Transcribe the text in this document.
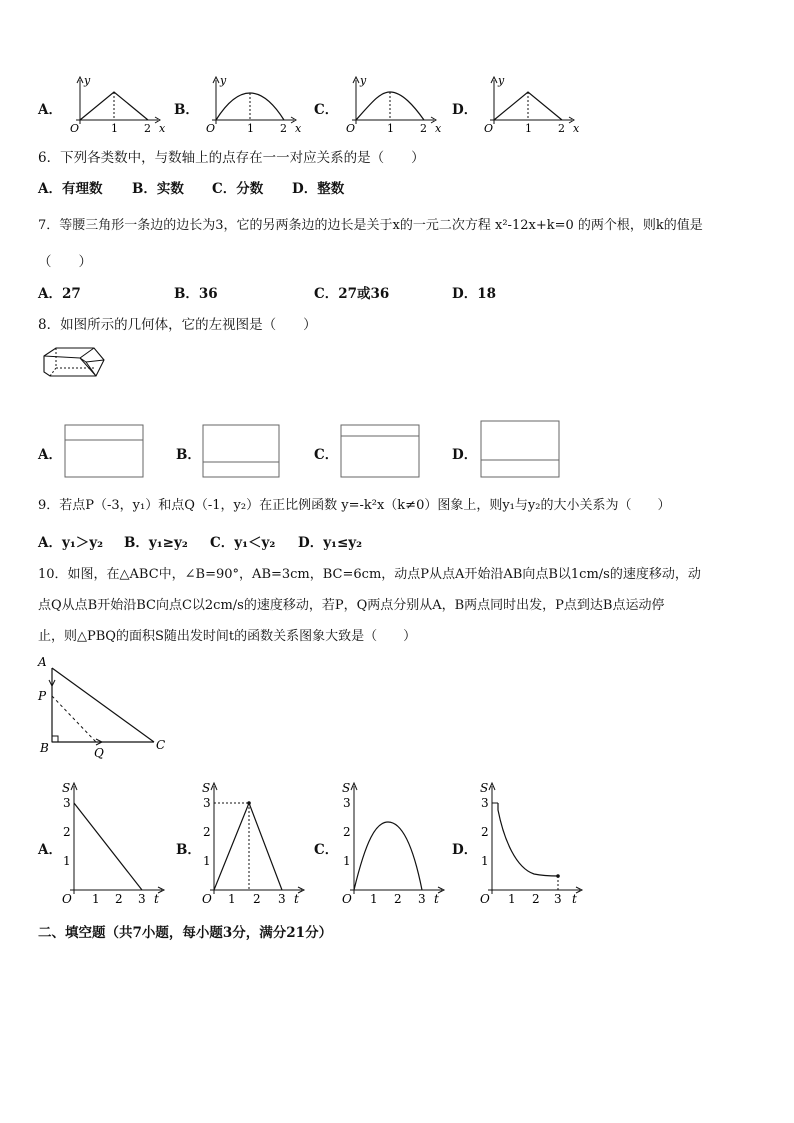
A．
O
y
1 2 x
B．
O
y
1 2 x
C．
O
y
1 2 x
D．
O
y
1 2 x
6．下列各类数中，与数轴上的点存在一一对应关系的是（　　）
A．有理数 B．实数 C．分数 D．整数
7．等腰三角形一条边的边长为3，它的另两条边的边长是关于x的一元二次方程 x²-12x+k=0 的两个根，则k的值是
（　　）
A．27	B．36	C．27或36	D．18
8．如图所示的几何体，它的左视图是（　　）
A．	B．	C．	D．
9．若点P（-3，y₁）和点Q（-1，y₂）在正比例函数 y=-k²x（k≠0）图象上，则y₁与y₂的大小关系为（　　）
A．y₁＞y₂ B．y₁≥y₂ C．y₁＜y₂ D．y₁≤y₂
10．如图，在△ABC中，∠B=90°，AB=3cm，BC=6cm，动点P从点A开始沿AB向点B以1cm/s的速度移动，动
点Q从点B开始沿BC向点C以2cm/s的速度移动，若P，Q两点分别从A，B两点同时出发，P点到达B点运动停
止，则△PBQ的面积S随出发时间t的函数关系图象大致是（　　）
A
P
B	Q
C
A．
S
3
2
1
O 1 2 3 t
B．
S
3
2
1
O 1 2 3 t
C．
S
3
2
1
O 1 2 3 t
D．
S
3
2
1
O 1 2 3 t
二、填空题（共7小题，每小题3分，满分21分）
